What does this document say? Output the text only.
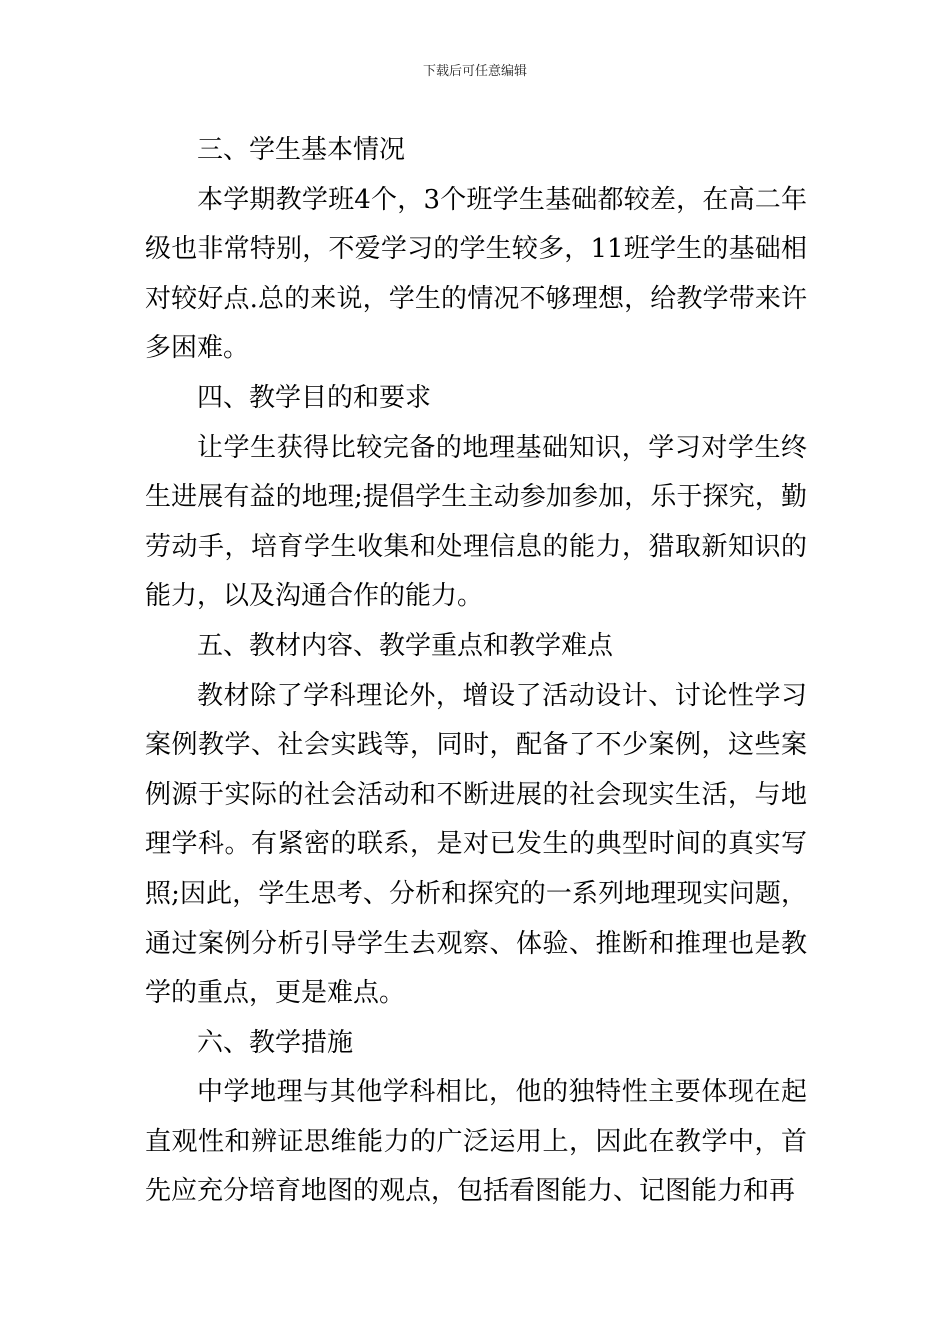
下载后可任意编辑

三、学生基本情况

本学期教学班4个，3个班学生基础都较差，在高二年级也非常特别，不爱学习的学生较多，11班学生的基础相对较好点.总的来说，学生的情况不够理想，给教学带来许多困难。

四、教学目的和要求

让学生获得比较完备的地理基础知识，学习对学生终生进展有益的地理;提倡学生主动参加参加，乐于探究，勤劳动手，培育学生收集和处理信息的能力，猎取新知识的能力，以及沟通合作的能力。

五、教材内容、教学重点和教学难点

教材除了学科理论外，增设了活动设计、讨论性学习案例教学、社会实践等，同时，配备了不少案例，这些案例源于实际的社会活动和不断进展的社会现实生活，与地理学科。有紧密的联系，是对已发生的典型时间的真实写照;因此，学生思考、分析和探究的一系列地理现实问题，通过案例分析引导学生去观察、体验、推断和推理也是教学的重点，更是难点。

六、教学措施

中学地理与其他学科相比，他的独特性主要体现在起直观性和辨证思维能力的广泛运用上，因此在教学中，首先应充分培育地图的观点，包括看图能力、记图能力和再
